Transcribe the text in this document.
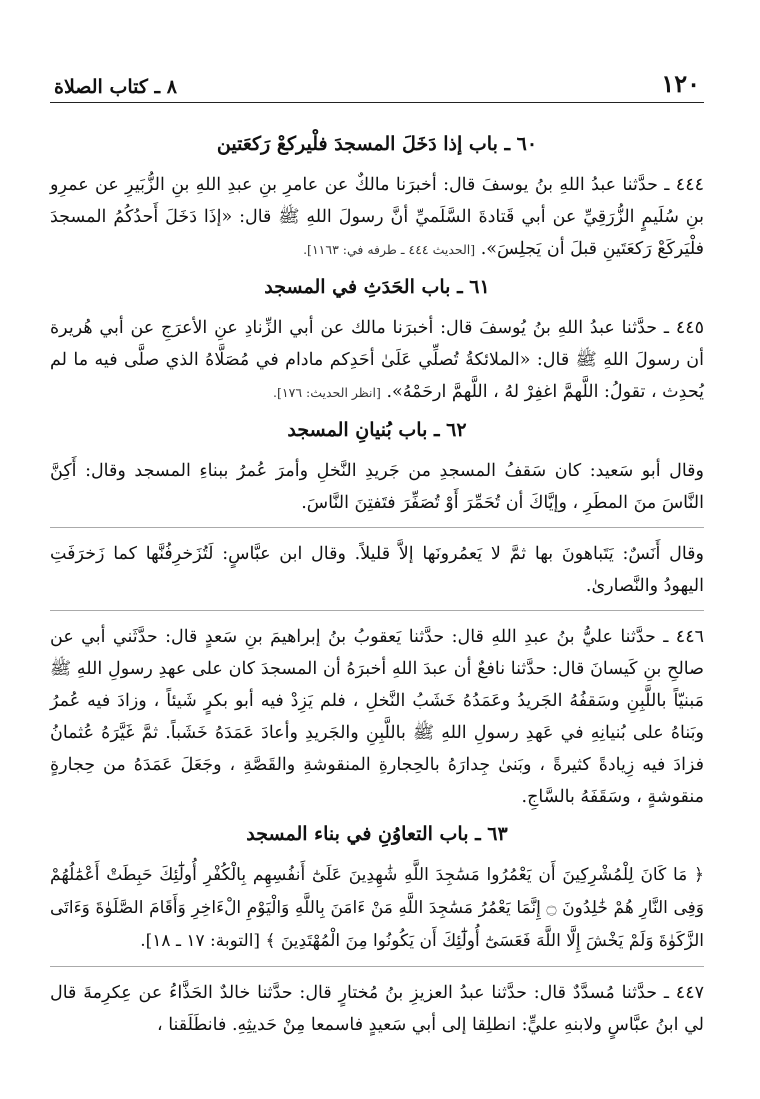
١٢٠
٨ ـ كتاب الصلاة
٦٠ ـ باب إذا دَخَلَ المسجدَ فلْيركعْ رَكعَتين

٤٤٤ ـ حدَّثنا عبدُ اللهِ بنُ يوسفَ قال: أخبرَنا مالكٌ عن عامرِ بنِ عبدِ اللهِ بنِ الزُّبَيرِ عن عمرِو بنِ سُلَيمٍ الزُّرَقِيِّ عن أبي قَتادةَ السَّلَميِّ أنَّ رسولَ اللهِ ﷺ قال: «إذَا دَخَلَ أَحدُكُمُ المسجدَ فلْيَركَعْ رَكعَتَينِ قبلَ أن يَجلِسَ». [الحديث ٤٤٤ ـ طرفه في: ١١٦٣].

٦١ ـ باب الحَدَثِ في المسجد

٤٤٥ ـ حدَّثنا عبدُ اللهِ بنُ يُوسفَ قال: أخبرَنا مالك عن أبي الزِّنادِ عنِ الأعرَجِ عن أبي هُريرة أن رسولَ اللهِ ﷺ قال: «الملائكةُ تُصلِّي عَلَىٰ أحَدِكم مادام في مُصَلَّاهُ الذي صلَّى فيه ما لم يُحدِث ، تقولُ: اللَّهمَّ اغفِرْ لهُ ، اللَّهمَّ ارحَمْهُ». [انظر الحديث: ١٧٦].

٦٢ ـ باب بُنيانِ المسجد

وقال أبو سَعيد: كان سَقفُ المسجدِ من جَريدِ النَّخلِ وأمرَ عُمرُ ببناءِ المسجد وقال: أَكِنَّ النَّاسَ منَ المطَرِ ، وإيَّاكَ أن تُحَمِّرَ أَوْ تُصَفِّرَ فتَفتِنَ النَّاسَ.

وقال أَنَسٌ: يَتَباهونَ بها ثمَّ لا يَعمُرونَها إلاَّ قليلاً. وقال ابن عبَّاسٍ: لَتُزَخرِفُنَّها كما زَخرَفَتِ اليهودُ والنَّصارىٰ.

٤٤٦ ـ حدَّثنا عليُّ بنُ عبدِ اللهِ قال: حدَّثنا يَعقوبُ بنُ إبراهيمَ بنِ سَعدٍ قال: حدَّثَني أبي عن صالحِ بنِ كَيسانَ قال: حدَّثنا نافعٌ أن عبدَ اللهِ أخبرَهُ أن المسجدَ كان على عهدِ رسولِ اللهِ ﷺ مَبنيّاً باللَّبِنِ وسَقفُهُ الجَريدُ وعَمَدُهُ خَشَبُ النَّخلِ ، فلم يَزِدْ فيه أبو بكرٍ شَيئاً ، وزادَ فيه عُمرُ وبَناهُ على بُنيانِهِ في عَهدِ رسولِ اللهِ ﷺ باللَّبِنِ والجَريدِ وأعادَ عَمَدَهُ خَشَباً. ثمَّ غَيَّرَهُ عُثمانُ فزادَ فيه زِيادةً كثيرةً ، وبَنىٰ جِدارَهُ بالحِجارةِ المنقوشةِ والقَصَّةِ ، وجَعَلَ عَمَدَهُ من حِجارةٍ منقوشةٍ ، وسَقَفَهُ بالسَّاجِ.

٦٣ ـ باب التعاوُنِ في بناء المسجد

﴿ مَا كَانَ لِلْمُشْرِكِينَ أَن يَعْمُرُوا مَسَٰجِدَ اللَّهِ شَٰهِدِينَ عَلَىٰٓ أَنفُسِهِم بِالْكُفْرِ أُولَٰٓئِكَ حَبِطَتْ أَعْمَٰلُهُمْ وَفِى النَّارِ هُمْ خَٰلِدُونَ ۝ إِنَّمَا يَعْمُرُ مَسَٰجِدَ اللَّهِ مَنْ ءَامَنَ بِاللَّهِ وَالْيَوْمِ الْءَاخِرِ وَأَقَامَ الصَّلَوٰةَ وَءَاتَى الزَّكَوٰةَ وَلَمْ يَخْشَ إِلَّا اللَّهَ فَعَسَىٰٓ أُولَٰٓئِكَ أَن يَكُونُوا مِنَ الْمُهْتَدِينَ ﴾ [التوبة: ١٧ ـ ١٨].

٤٤٧ ـ حدَّثنا مُسدَّدٌ قال: حدَّثنا عبدُ العزيزِ بنُ مُختارٍ قال: حدَّثنا خالدٌ الحَذَّاءُ عن عِكرِمةَ قال لي ابنُ عبَّاسٍ ولابنهِ عليٍّ: انطلِقا إلى أبي سَعيدٍ فاسمعا مِنْ حَديثِهِ. فانطَلَقنا ،
